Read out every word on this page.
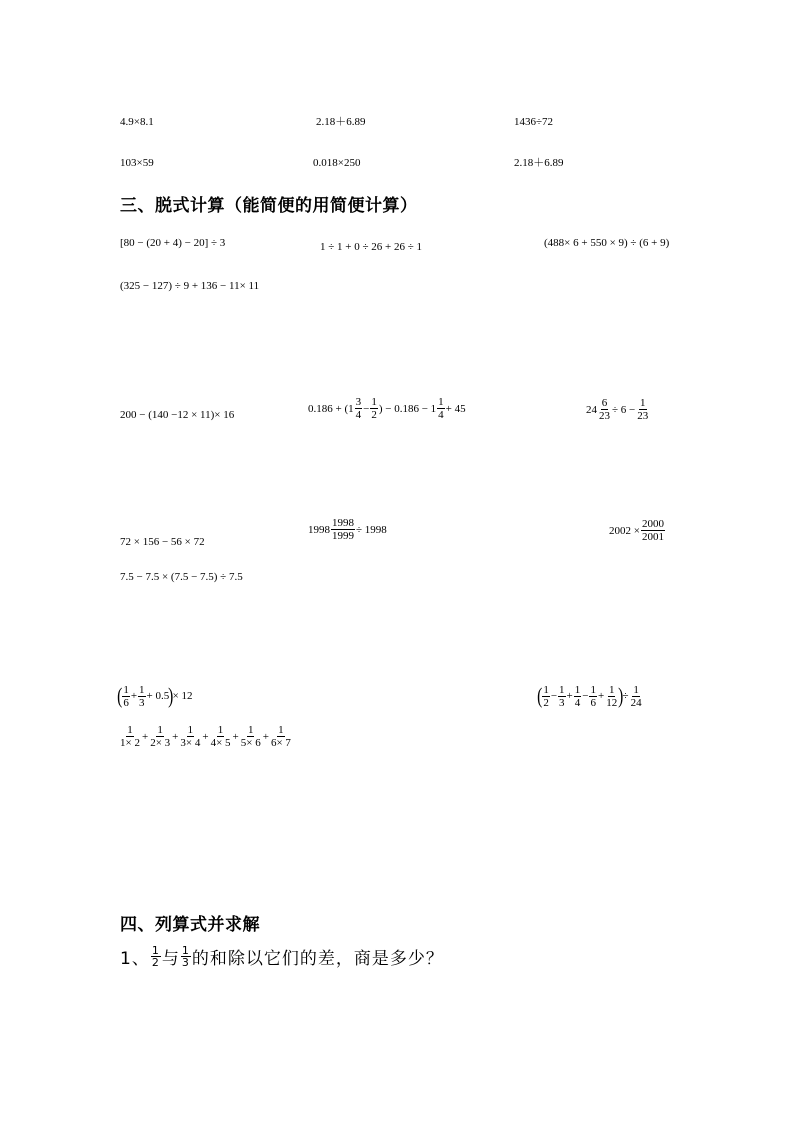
4.9×8.1	2.18＋6.89	1436÷72
103×59	0.018×250	2.18＋6.89
三、脱式计算（能简便的用简便计算）
[80 − (20 + 4) − 20] ÷ 3	1 ÷ 1 + 0 ÷ 26 + 26 ÷ 1	(488× 6 + 550 × 9) ÷ (6 + 9)
(325 − 127) ÷ 9 + 136 − 11× 11
200 − (140 −12 × 11)× 16
$0.186 + (1 \frac{3}{4} - \frac{1}{2}$ ) − $0.186 - 1 \frac{1}{4} + 45$	$24 \frac{6}{23} \div 6 - \frac{1}{23}$
72 × 156 − 56 × 72
$1998 \frac{1998}{1999} \div 1998$	$2002 \times \frac{2000}{2001}$
7.5 − 7.5 × (7.5 − 7.5) ÷ 7.5
( $\frac{1}{6} + \frac{1}{3} + 0.5$ ) × 12	( $\frac{1}{2} - \frac{1}{3} + \frac{1}{4} - \frac{1}{6} + \frac{1}{12}$ ) ÷ $\frac{1}{24}$
$\frac{1}{1\times 2} + \frac{1}{2\times 3} + \frac{1}{3\times 4} + \frac{1}{4\times 5} + \frac{1}{5\times 6} + \frac{1}{6\times 7}$
四、列算式并求解
1、 $\frac{1}{2}$ 与 $\frac{1}{3}$ 的和除以它们的差，商是多少？
